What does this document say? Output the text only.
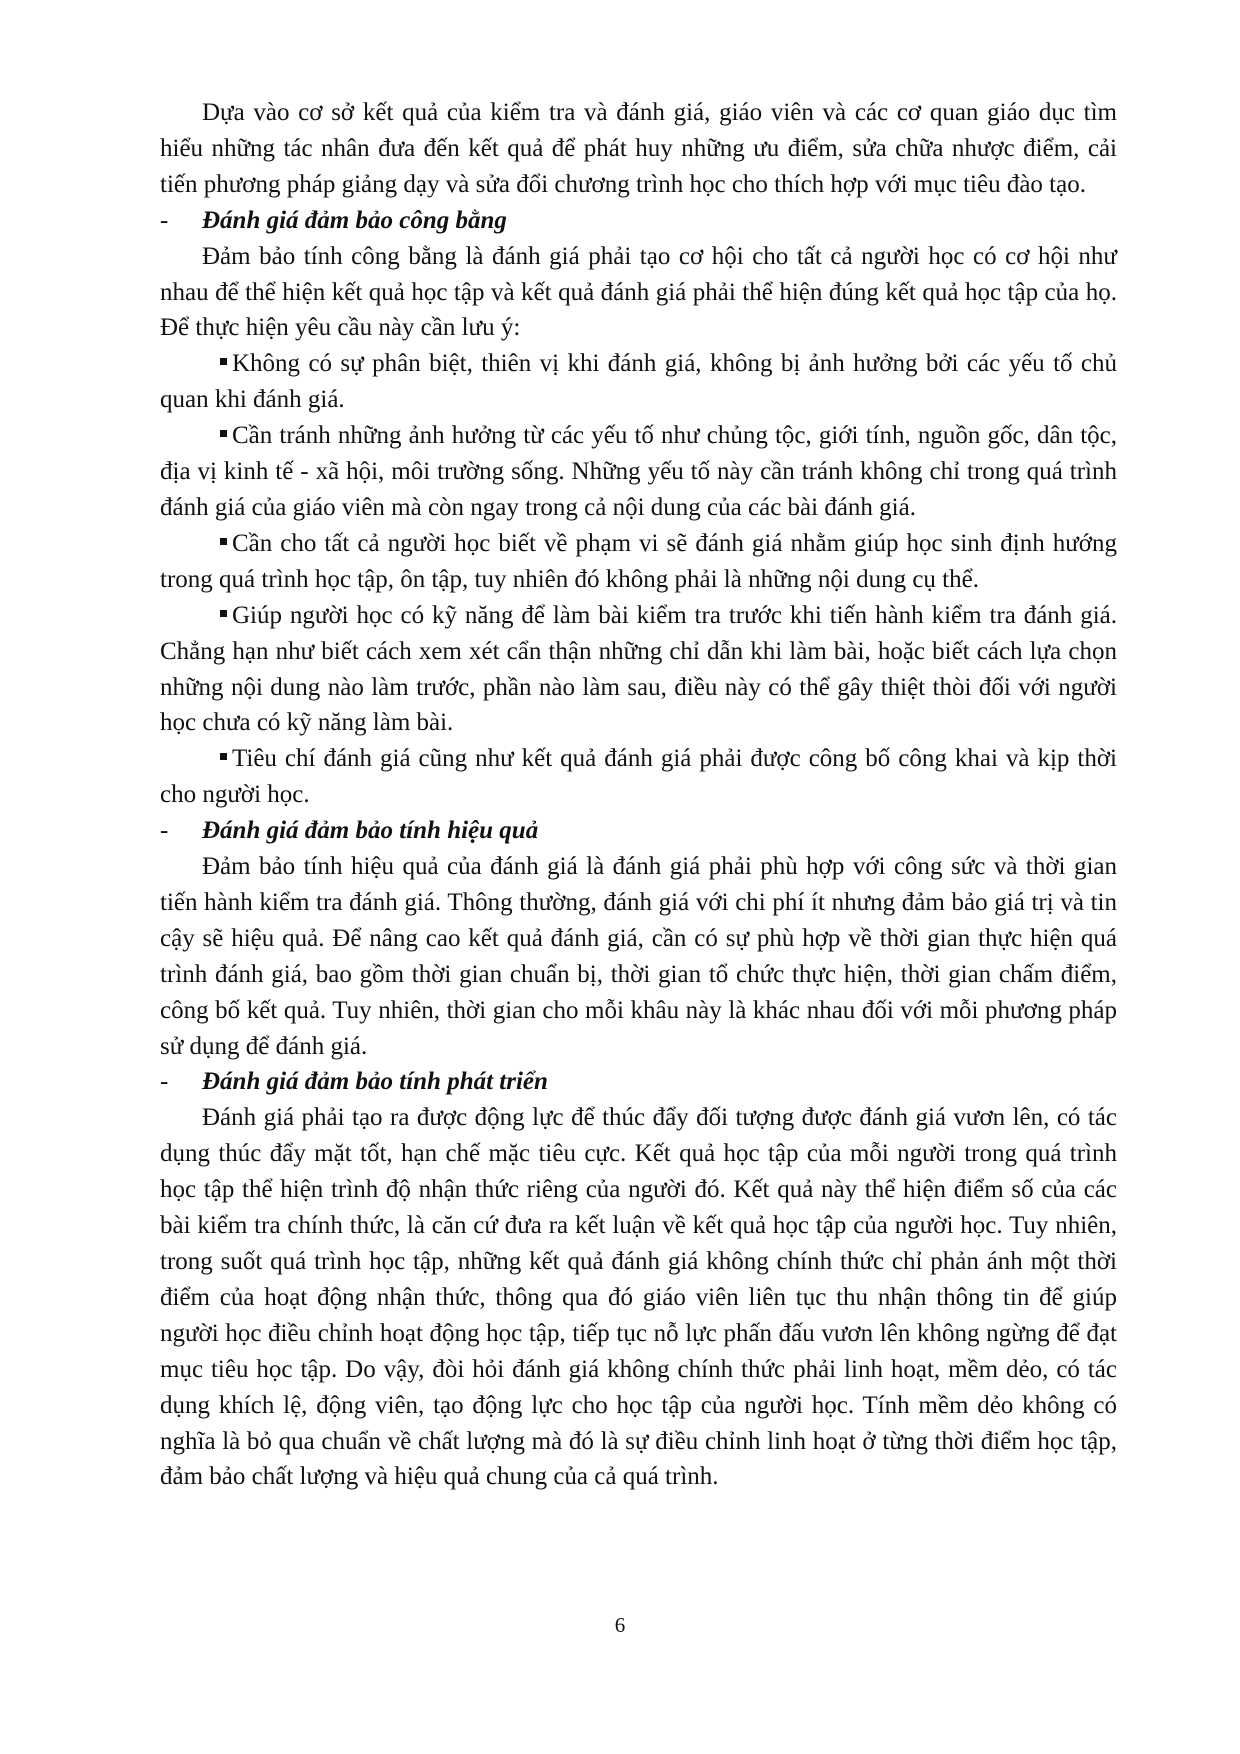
Dựa vào cơ sở kết quả của kiểm tra và đánh giá, giáo viên và các cơ quan giáo dục tìm hiểu những tác nhân đưa đến kết quả để phát huy những ưu điểm, sửa chữa nhược điểm, cải tiến phương pháp giảng dạy và sửa đổi chương trình học cho thích hợp với mục tiêu đào tạo.

- Đánh giá đảm bảo công bằng

Đảm bảo tính công bằng là đánh giá phải tạo cơ hội cho tất cả người học có cơ hội như nhau để thể hiện kết quả học tập và kết quả đánh giá phải thể hiện đúng kết quả học tập của họ. Để thực hiện yêu cầu này cần lưu ý:

Không có sự phân biệt, thiên vị khi đánh giá, không bị ảnh hưởng bởi các yếu tố chủ quan khi đánh giá.

Cần tránh những ảnh hưởng từ các yếu tố như chủng tộc, giới tính, nguồn gốc, dân tộc, địa vị kinh tế - xã hội, môi trường sống. Những yếu tố này cần tránh không chỉ trong quá trình đánh giá của giáo viên mà còn ngay trong cả nội dung của các bài đánh giá.

Cần cho tất cả người học biết về phạm vi sẽ đánh giá nhằm giúp học sinh định hướng trong quá trình học tập, ôn tập, tuy nhiên đó không phải là những nội dung cụ thể.

Giúp người học có kỹ năng để làm bài kiểm tra trước khi tiến hành kiểm tra đánh giá. Chẳng hạn như biết cách xem xét cẩn thận những chỉ dẫn khi làm bài, hoặc biết cách lựa chọn những nội dung nào làm trước, phần nào làm sau, điều này có thể gây thiệt thòi đối với người học chưa có kỹ năng làm bài.

Tiêu chí đánh giá cũng như kết quả đánh giá phải được công bố công khai và kịp thời cho người học.

- Đánh giá đảm bảo tính hiệu quả

Đảm bảo tính hiệu quả của đánh giá là đánh giá phải phù hợp với công sức và thời gian tiến hành kiểm tra đánh giá. Thông thường, đánh giá với chi phí ít nhưng đảm bảo giá trị và tin cậy sẽ hiệu quả. Để nâng cao kết quả đánh giá, cần có sự phù hợp về thời gian thực hiện quá trình đánh giá, bao gồm thời gian chuẩn bị, thời gian tổ chức thực hiện, thời gian chấm điểm, công bố kết quả. Tuy nhiên, thời gian cho mỗi khâu này là khác nhau đối với mỗi phương pháp sử dụng để đánh giá.

- Đánh giá đảm bảo tính phát triển

Đánh giá phải tạo ra được động lực để thúc đẩy đối tượng được đánh giá vươn lên, có tác dụng thúc đẩy mặt tốt, hạn chế mặc tiêu cực. Kết quả học tập của mỗi người trong quá trình học tập thể hiện trình độ nhận thức riêng của người đó. Kết quả này thể hiện điểm số của các bài kiểm tra chính thức, là căn cứ đưa ra kết luận về kết quả học tập của người học. Tuy nhiên, trong suốt quá trình học tập, những kết quả đánh giá không chính thức chỉ phản ánh một thời điểm của hoạt động nhận thức, thông qua đó giáo viên liên tục thu nhận thông tin để giúp người học điều chỉnh hoạt động học tập, tiếp tục nỗ lực phấn đấu vươn lên không ngừng để đạt mục tiêu học tập. Do vậy, đòi hỏi đánh giá không chính thức phải linh hoạt, mềm dẻo, có tác dụng khích lệ, động viên, tạo động lực cho học tập của người học. Tính mềm dẻo không có nghĩa là bỏ qua chuẩn về chất lượng mà đó là sự điều chỉnh linh hoạt ở từng thời điểm học tập, đảm bảo chất lượng và hiệu quả chung của cả quá trình.

6
